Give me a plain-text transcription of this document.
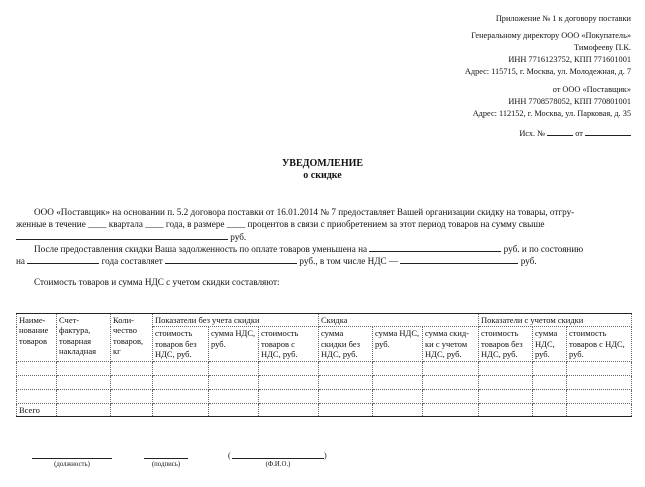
Приложение № 1 к договору поставки
Генеральному директору ООО «Покупатель»
Тимофееву П.К.
ИНН 7716123752, КПП 771601001
Адрес: 115715, г. Москва, ул. Молодежная, д. 7
от ООО «Поставщик»
ИНН 7708578052, КПП 770801001
Адрес: 112152, г. Москва, ул. Парковая, д. 35
Исх. №	от
УВЕДОМЛЕНИЕ
о скидке
ООО «Поставщик» на основании п. 5.2 договора поставки от 16.01.2014 № 7 предоставляет Вашей организации скидку на товары, отгру-
женные в течение ____ квартала ____ года, в размере ____ процентов в связи с приобретением за этот период товаров на сумму свыше
руб.
После предоставления скидки Ваша задолженность по оплате товаров уменьшена на	руб. и по состоянию
на	года составляет	руб., в том числе НДС —	руб.
Стоимость товаров и сумма НДС с учетом скидки составляют:
Наиме-нование товаров	Счет-фактура, товарная накладная	Коли-чество товаров, кг	Показатели без учета скидки			Скидка			Показатели с учетом скидки		
			стоимость товаров без НДС, руб.	сумма НДС, руб.	стоимость товаров с НДС, руб.	сумма скидки без НДС, руб.	сумма НДС, руб.	сумма скид-ки с учетом НДС, руб.	стоимость товаров без НДС, руб.	сумма НДС, руб.	стоимость товаров с НДС, руб.

Всего											
(должность)	(подпись)
(	)
(Ф.И.О.)
